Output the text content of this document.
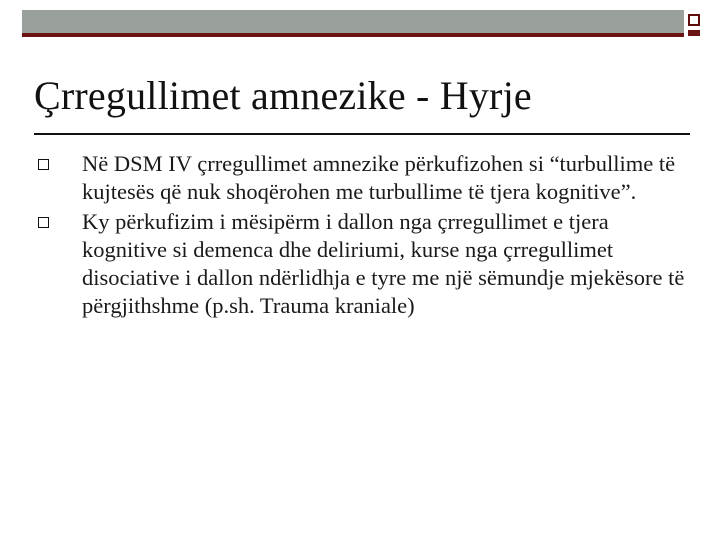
Çrregullimet amnezike - Hyrje
Në DSM IV çrregullimet amnezike përkufizohen si “turbullime të kujtesës që nuk shoqërohen me turbullime të tjera kognitive”.
Ky përkufizim i mësipërm i dallon nga çrregullimet e tjera kognitive si demenca dhe deliriumi, kurse nga çrregullimet disociative i dallon ndërlidhja e tyre me një sëmundje mjekësore të përgjithshme (p.sh. Trauma kraniale)
